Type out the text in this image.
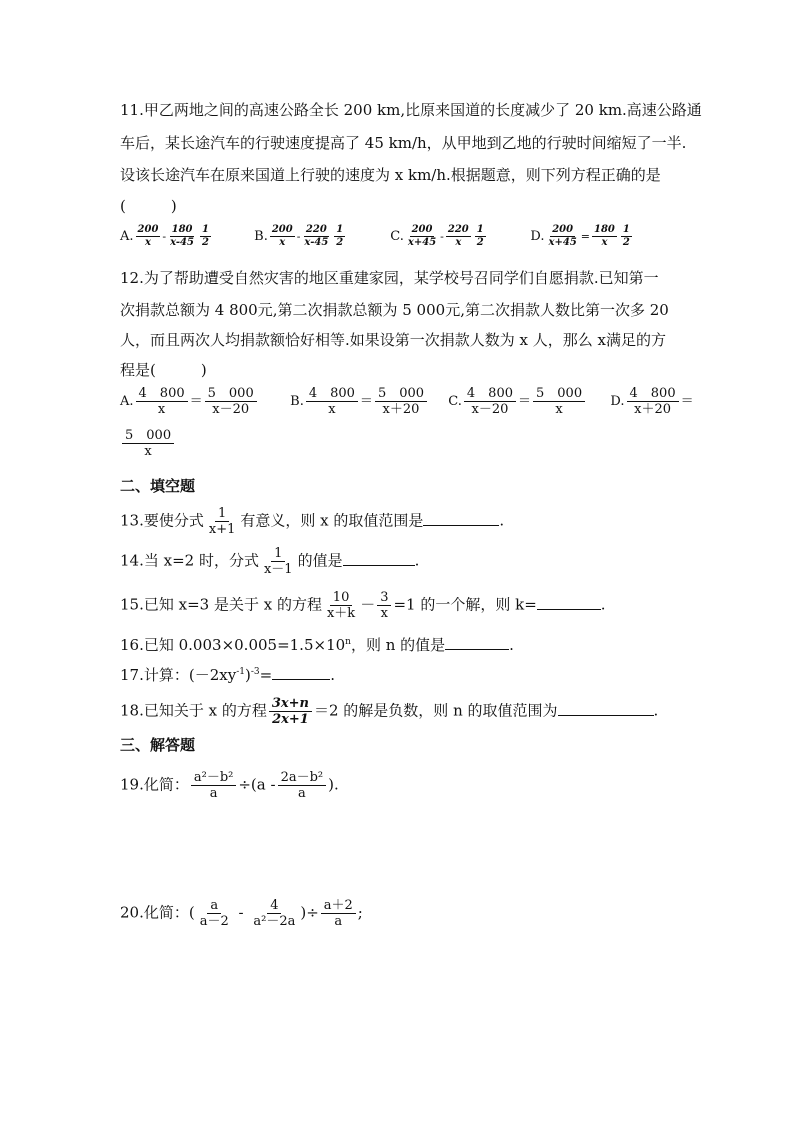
11.甲乙两地之间的高速公路全长 200 km,比原来国道的长度减少了 20 km.高速公路通
车后，某长途汽车的行驶速度提高了 45 km/h，从甲地到乙地的行驶时间缩短了一半.
设该长途汽车在原来国道上行驶的速度为 x km/h.根据题意，则下列方程正确的是
(　　　)
A. $\frac{200}{x} - \frac{180}{x-45} \frac{1}{2}$	B. $\frac{200}{x} - \frac{220}{x-45} \frac{1}{2}$	C. $\frac{200}{x+45} - \frac{220}{x} \frac{1}{2}$	D. $\frac{200}{x+45} = \frac{180}{x} \frac{1}{2}$
12.为了帮助遭受自然灾害的地区重建家园，某学校号召同学们自愿捐款.已知第一
次捐款总额为 4 800元,第二次捐款总额为 5 000元,第二次捐款人数比第一次多 20
人，而且两次人均捐款额恰好相等.如果设第一次捐款人数为 x 人，那么 x满足的方
程是(　　　)
A. $\frac{4 800}{x} = \frac{5 000}{x-20}$	B. $\frac{4 800}{x} = \frac{5 000}{x+20} C$. $\frac{4 800}{x-20} = \frac{5 000}{x} D$. $\frac{4 800}{x+20}$ ＝
$\frac{5 000}{x}$
二、填空题
13.要使分式 $\frac{1}{x+1}$ 有意义，则 x 的取值范围是	.
14.当 x=2 时，分式 $\frac{1}{x-1}$ 的值是	.
15.已知 x=3 是关于 x 的方程 $\frac{10}{x+k} - \frac{3}{x} =1$ 的一个解，则 k=	.
16.已知 $0.003\times 0.005=1.5\times 10^n$，则 n 的值是	.
17.计算：$(-2xy^{-1})^{-3}=$	.
18.已知关于 x 的方程 $\frac{3x+n}{2x+1} =2$ 的解是负数，则 n 的取值范围为	.
三、解答题
19.化简： $\frac{\text{a²－b²}}{a} \div(a - \frac{\text{2a－b²}}{a}$ ).
20.化简：( $\frac{a}{a-2} - \frac{4}{\text{a²－2a}}$ )÷ $\frac{a+2}{a}$ ;
